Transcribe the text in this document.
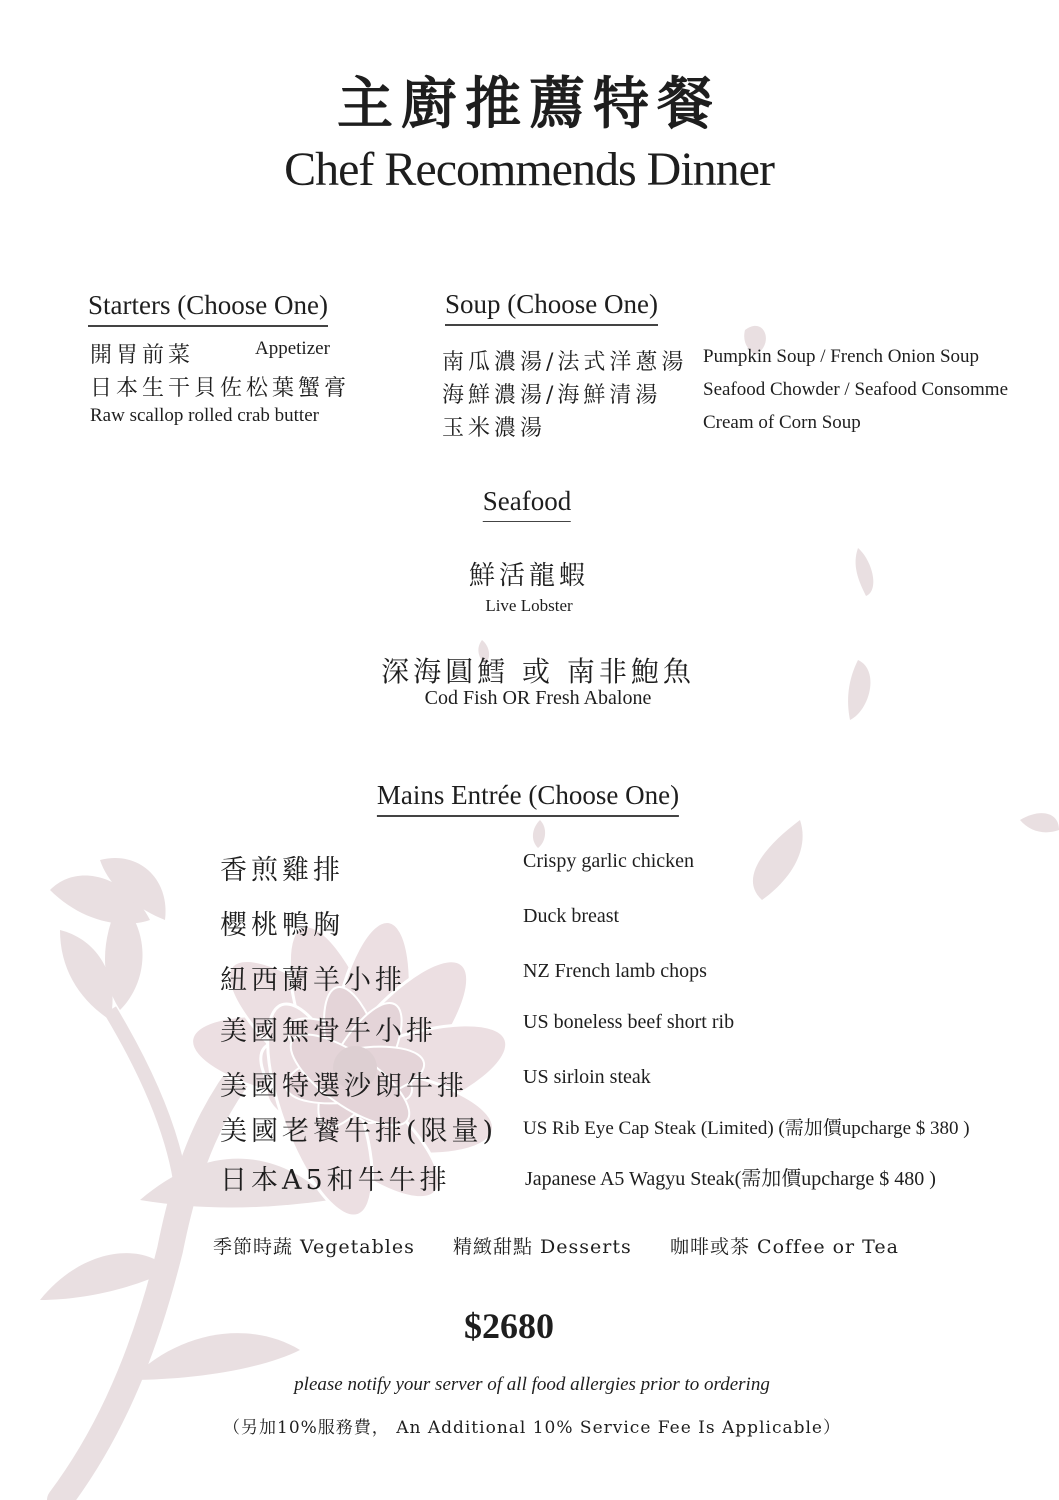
主廚推薦特餐
Chef Recommends Dinner
Starters (Choose One)
開胃前菜	Appetizer
日本生干貝佐松葉蟹膏
Raw scallop rolled crab butter
Soup (Choose One)
南瓜濃湯/法式洋蔥湯 Pumpkin Soup / French Onion Soup
海鮮濃湯/海鮮清湯 Seafood Chowder / Seafood Consomme
玉米濃湯	Cream of Corn Soup
Seafood
鮮活龍蝦
Live Lobster
深海圓鱈 或 南非鮑魚
Cod Fish OR Fresh Abalone
Mains Entrée (Choose One)
香煎雞排	Crispy garlic chicken
櫻桃鴨胸	Duck breast
紐西蘭羊小排	NZ French lamb chops
美國無骨牛小排	US boneless beef short rib
美國特選沙朗牛排	US sirloin steak
美國老饕牛排(限量) US Rib Eye Cap Steak (Limited) (需加價upcharge $ 380 )
日本A5和牛牛排	Japanese A5 Wagyu Steak(需加價upcharge $ 480 )
季節時蔬 Vegetables 精緻甜點 Desserts 咖啡或茶 Coffee or Tea
$2680
please notify your server of all food allergies prior to ordering
（另加10%服務費， An Additional 10% Service Fee Is Applicable）
